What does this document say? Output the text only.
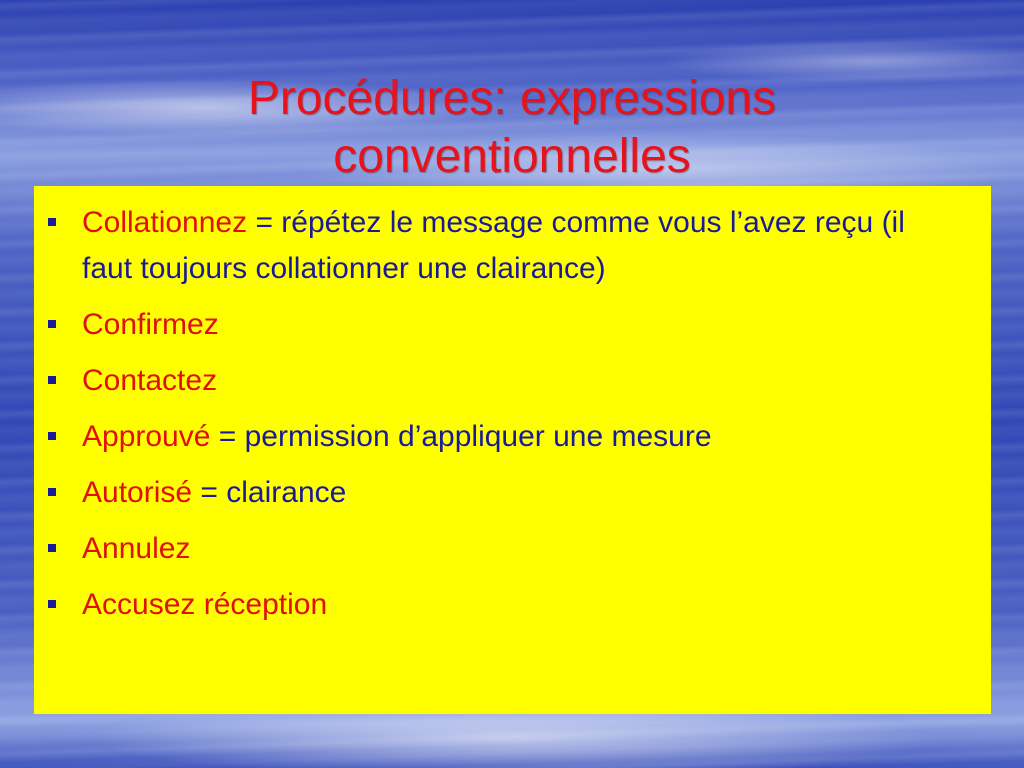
Procédures: expressions
conventionnelles
Collationnez = répétez le message comme vous l’avez reçu (il faut toujours collationner une clairance)
Confirmez
Contactez
Approuvé = permission d’appliquer une mesure
Autorisé = clairance
Annulez
Accusez réception
